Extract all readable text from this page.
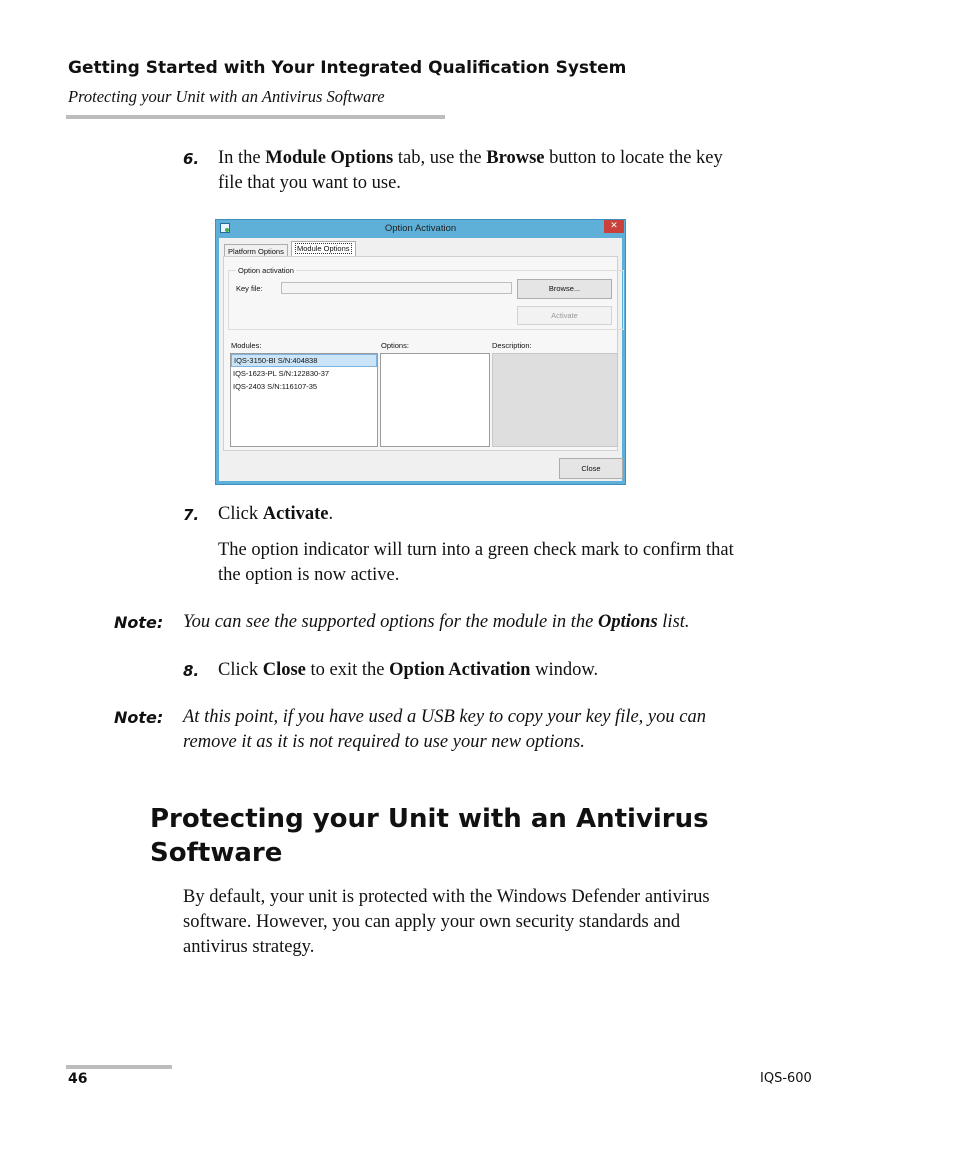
Getting Started with Your Integrated Qualification System
Protecting your Unit with an Antivirus Software
6. In the Module Options tab, use the Browse button to locate the key
file that you want to use.
Option Activation	✕
Platform Options	Module Options
Option activation
Key file:	Browse...
Activate
Modules:	Options:	Description:
IQS-3150-BI S/N:404838
IQS-1623-PL S/N:122830-37
IQS-2403 S/N:116107-35
Close
7. Click Activate.
The option indicator will turn into a green check mark to confirm that
the option is now active.
Note: You can see the supported options for the module in the Options list.
8. Click Close to exit the Option Activation window.
Note: At this point, if you have used a USB key to copy your key file, you can
remove it as it is not required to use your new options.
Protecting your Unit with an Antivirus
Software
By default, your unit is protected with the Windows Defender antivirus
software. However, you can apply your own security standards and
antivirus strategy.
46	IQS-600
